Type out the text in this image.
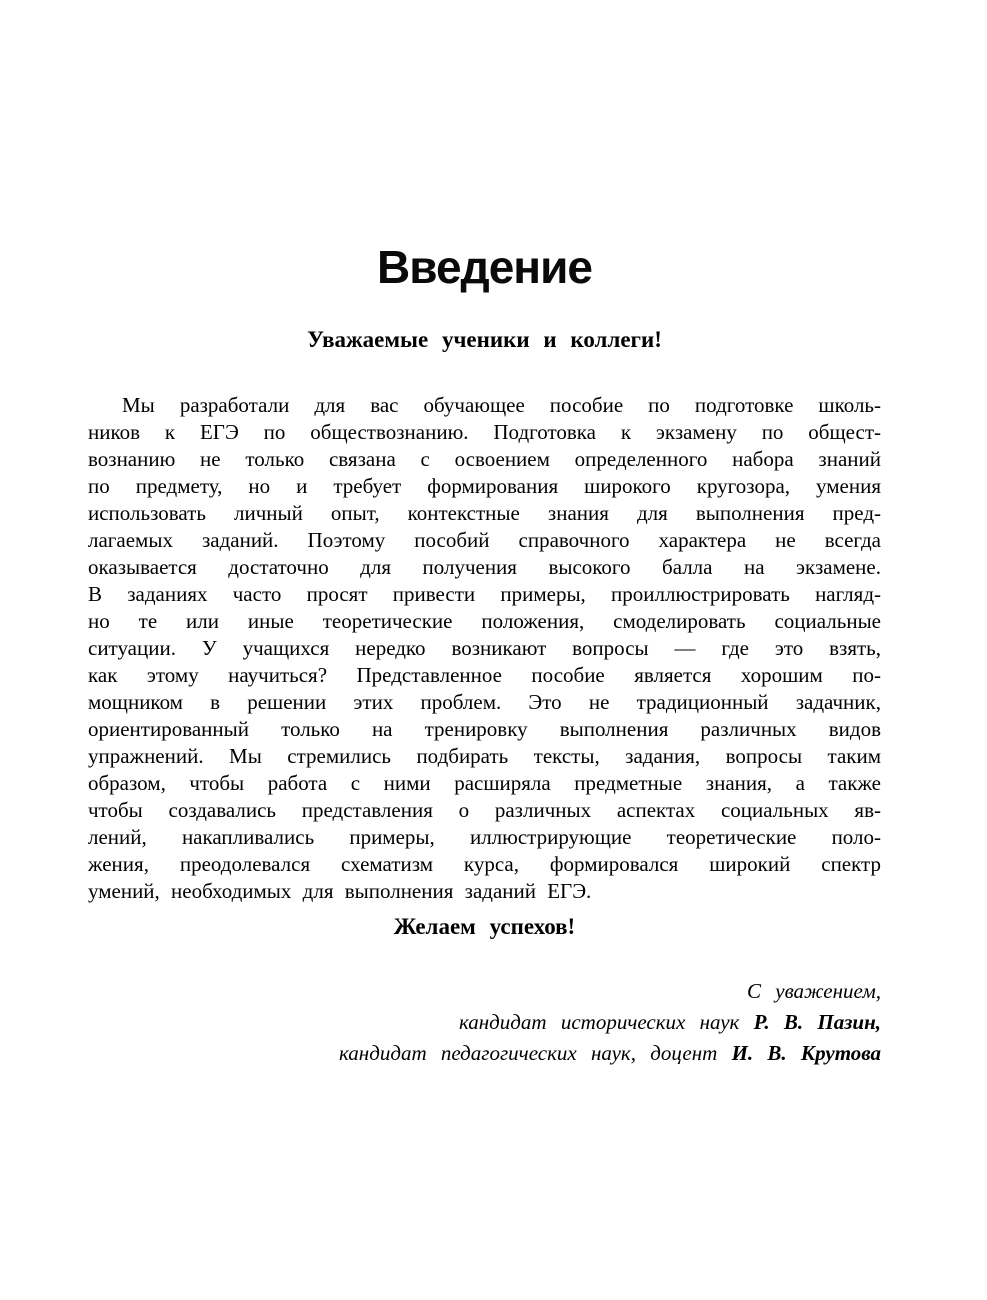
Введение
Уважаемые ученики и коллеги!
Мы разработали для вас обучающее пособие по подготовке школь-
ников к ЕГЭ по обществознанию. Подготовка к экзамену по общест-
вознанию не только связана с освоением определенного набора знаний
по предмету, но и требует формирования широкого кругозора, умения
использовать личный опыт, контекстные знания для выполнения пред-
лагаемых заданий. Поэтому пособий справочного характера не всегда
оказывается достаточно для получения высокого балла на экзамене.
В заданиях часто просят привести примеры, проиллюстрировать нагляд-
но те или иные теоретические положения, смоделировать социальные
ситуации. У учащихся нередко возникают вопросы — где это взять,
как этому научиться? Представленное пособие является хорошим по-
мощником в решении этих проблем. Это не традиционный задачник,
ориентированный только на тренировку выполнения различных видов
упражнений. Мы стремились подбирать тексты, задания, вопросы таким
образом, чтобы работа с ними расширяла предметные знания, а также
чтобы создавались представления о различных аспектах социальных яв-
лений, накапливались примеры, иллюстрирующие теоретические поло-
жения, преодолевался схематизм курса, формировался широкий спектр
умений, необходимых для выполнения заданий ЕГЭ.
Желаем успехов!
С уважением,
кандидат исторических наук Р. В. Пазин,
кандидат педагогических наук, доцент И. В. Крутова
